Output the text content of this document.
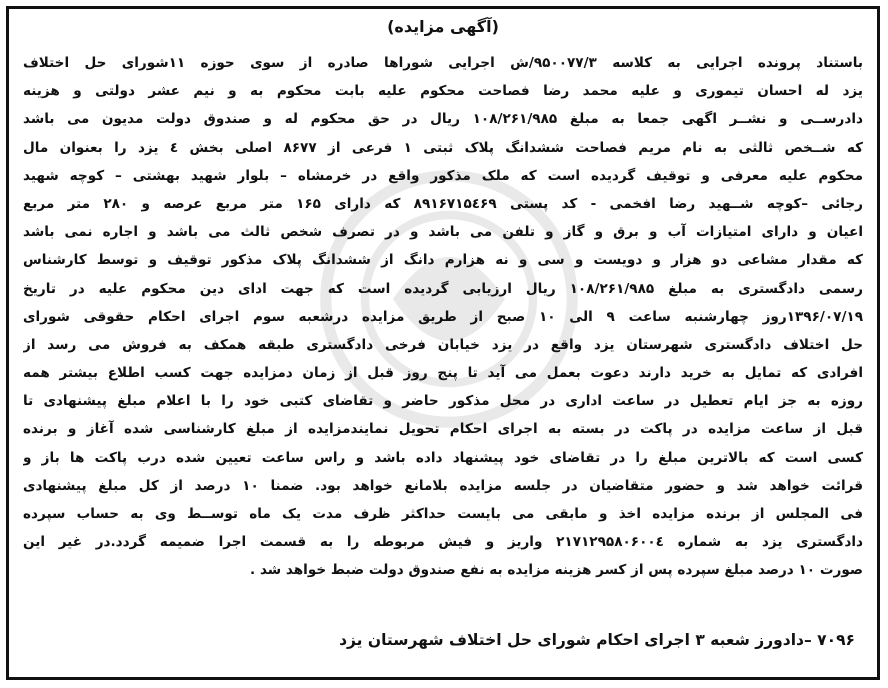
(آگهی مزایده)
باستناد پرونده اجرایی به کلاسه ۹۵۰۰۷۷/۳/ش اجرایی شوراها صادره از سوی حوزه ۱۱شورای حل اختلاف
یزد له احسان تیموری و علیه محمد رضا فصاحت محکوم علیه بابت محکوم به و نیم عشر دولتی و هزینه
دادرســی و نشــر اگهی جمعا به مبلغ ۱۰۸/۲۶۱/۹۸۵ ریال در حق محکوم له و صندوق دولت مدیون می باشد
که شــخص ثالثی به نام مریم فصاحت ششدانگ پلاک ثبتی ۱ فرعی از ۸۶۷۷ اصلی بخش ٤ یزد را بعنوان مال
محکوم علیه معرفی و توقیف گردیده است که ملک مذکور واقع در خرمشاه – بلوار شهید بهشتی – کوچه شهید
رجائی –کوچه شــهید رضا افخمی - کد پستی ۸۹۱۶۷۱۵٤۶۹ که دارای ۱۶۵ متر مربع عرصه و ۲۸۰ متر مربع
اعیان و دارای امتیازات آب و برق و گاز و تلفن می باشد و در تصرف شخص ثالث می باشد و اجاره نمی باشد
که مقدار مشاعی دو هزار و دویست و سی و نه هزارم دانگ از ششدانگ پلاک مذکور توقیف و توسط کارشناس
رسمی دادگستری به مبلغ ۱۰۸/۲۶۱/۹۸۵ ریال ارزیابی گردیده است که جهت ادای دین محکوم علیه در تاریخ
۱۳۹۶/۰۷/۱۹روز چهارشنبه ساعت ۹ الی ۱۰ صبح از طریق مزایده درشعبه سوم اجرای احکام حقوقی شورای
حل اختلاف دادگستری شهرستان یزد واقع در یزد خیابان فرخی دادگستری طبقه همکف به فروش می رسد از
افرادی که تمایل به خرید دارند دعوت بعمل می آید تا پنج روز قبل از زمان دمزایده جهت کسب اطلاع بیشتر همه
روزه به جز ایام تعطیل در ساعت اداری در محل مذکور حاضر و تقاضای کتبی خود را با اعلام مبلغ پیشنهادی تا
قبل از ساعت مزایده در پاکت در بسته به اجرای احکام تحویل نمایندمزایده از مبلغ کارشناسی شده آغاز و برنده
کسی است که بالاترین مبلغ را در تقاضای خود پیشنهاد داده باشد و راس ساعت تعیین شده درب پاکت ها باز و
قرائت خواهد شد و حضور متقاضیان در جلسه مزایده بلامانع خواهد بود. ضمنا ۱۰ درصد از کل مبلغ پیشنهادی
فی المجلس از برنده مزایده اخذ و مابقی می بایست حداکثر ظرف مدت یک ماه توســط وی به حساب سپرده
دادگستری یزد به شماره ۲۱۷۱۲۹۵۸۰۶۰۰٤ واریز و فیش مربوطه را به قسمت اجرا ضمیمه گردد.در غیر این
صورت ۱۰ درصد مبلغ سپرده پس از کسر هزینه مزایده به نفع صندوق دولت ضبط خواهد شد .
۷۰۹۶ –دادورز شعبه ۳ اجرای احکام شورای حل اختلاف شهرستان یزد
